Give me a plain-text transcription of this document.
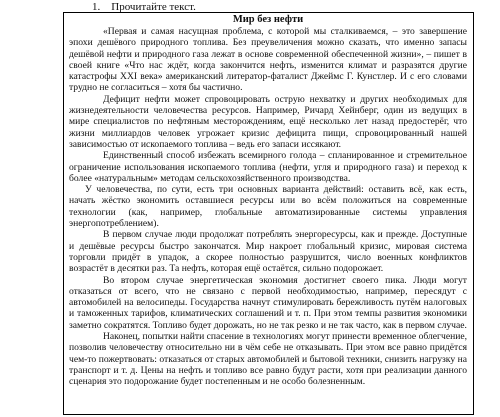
1. Прочитайте текст.
Мир без нефти

«Первая и самая насущная проблема, с которой мы сталкиваемся, – это завершение эпохи дешёвого природного топлива. Без преувеличения можно сказать, что именно запасы дешёвой нефти и природного газа лежат в основе современной обеспеченной жизни», – пишет в своей книге «Что нас ждёт, когда закончится нефть, изменится климат и разразятся другие катастрофы XXI века» американский литератор-фаталист Джеймс Г. Кунстлер. И с его словами трудно не согласиться – хотя бы частично.

Дефицит нефти может спровоцировать острую нехватку и других необходимых для жизнедеятельности человечества ресурсов. Например, Ричард Хейнберг, один из ведущих в мире специалистов по нефтяным месторождениям, ещё несколько лет назад предостерёг, что жизни миллиардов человек угрожает кризис дефицита пищи, спровоцированный нашей зависимостью от ископаемого топлива – ведь его запаси иссякают.

Единственный способ избежать всемирного голода – спланированное и стремительное ограничение использования ископаемого топлива (нефти, угля и природного газа) и переход к более «натуральным» методам сельскохозяйственного производства.

У человечества, по сути, есть три основных варианта действий: оставить всё, как есть, начать жёстко экономить оставшиеся ресурсы или во всём положиться на современные технологии (как, например, глобальные автоматизированные системы управления энергопотреблением).

В первом случае люди продолжат потреблять энергоресурсы, как и прежде. Доступные и дешёвые ресурсы быстро закончатся. Мир накроет глобальный кризис, мировая система торговли придёт в упадок, а скорее полностью разрушится, число военных конфликтов возрастёт в десятки раз. Та нефть, которая ещё остаётся, сильно подорожает.

Во втором случае энергетическая экономия достигнет своего пика. Люди могут отказаться от всего, что не связано с первой необходимостью, например, пересядут с автомобилей на велосипеды. Государства начнут стимулировать бережливость путём налоговых и таможенных тарифов, климатических соглашений и т. п. При этом темпы развития экономики заметно сократятся. Топливо будет дорожать, но не так резко и не так часто, как в первом случае.

Наконец, попытки найти спасение в технологиях могут принести временное облегчение, позволив человечеству относительно ни в чём себе не отказывать. При этом все равно придётся чем-то пожертвовать: отказаться от старых автомобилей и бытовой техники, снизить нагрузку на транспорт и т. д. Цены на нефть и топливо все равно будут расти, хотя при реализации данного сценария это подорожание будет постепенным и не особо болезненным.
